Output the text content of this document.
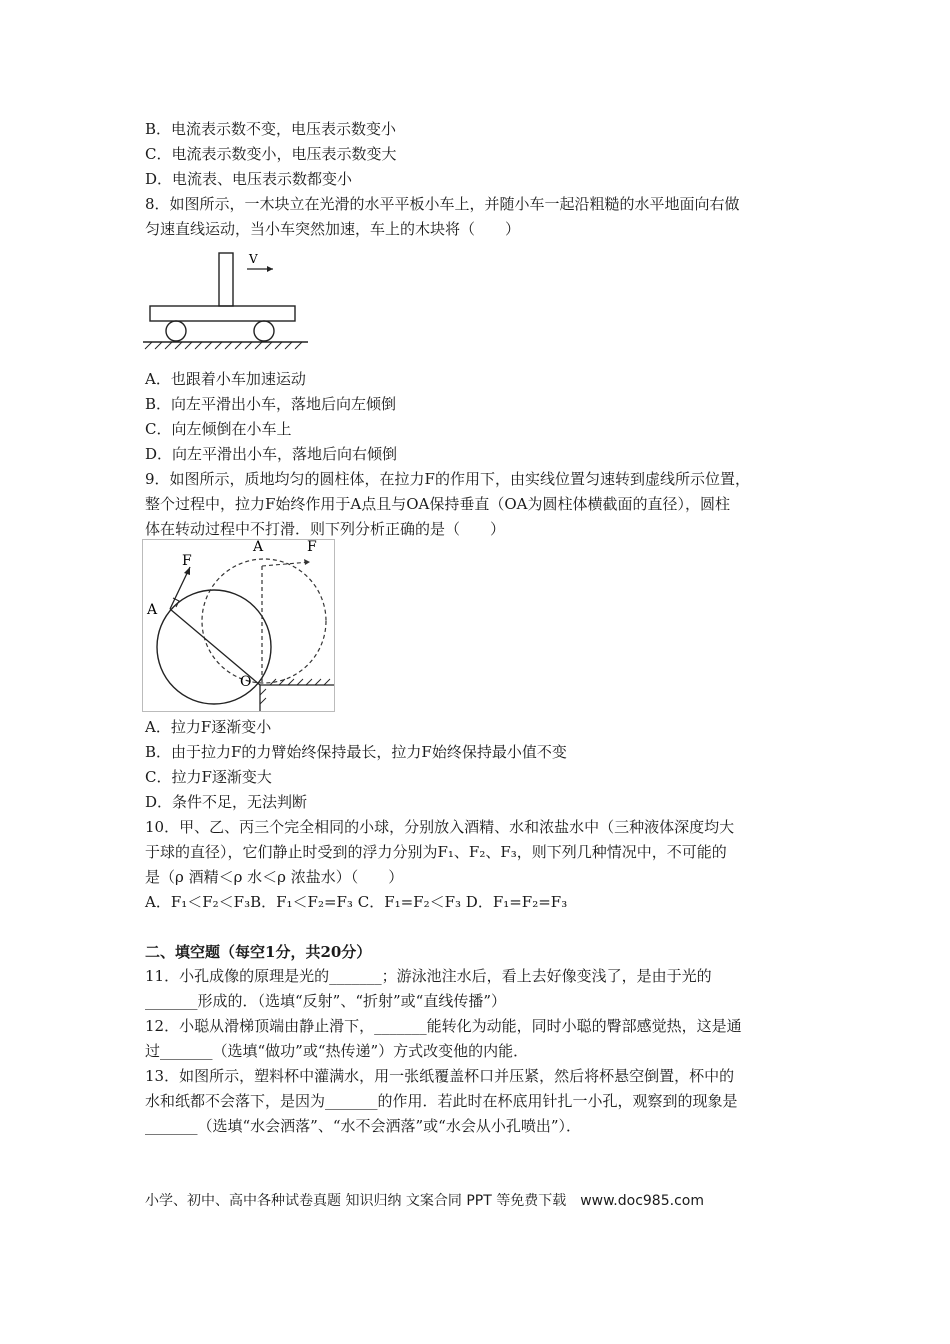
B．电流表示数不变，电压表示数变小
C．电流表示数变小，电压表示数变大
D．电流表、电压表示数都变小
8．如图所示，一木块立在光滑的水平平板小车上，并随小车一起沿粗糙的水平地面向右做
匀速直线运动，当小车突然加速，车上的木块将（　　）
V
A．也跟着小车加速运动
B．向左平滑出小车，落地后向左倾倒
C．向左倾倒在小车上
D．向左平滑出小车，落地后向右倾倒
9．如图所示，质地均匀的圆柱体，在拉力F的作用下，由实线位置匀速转到虚线所示位置，
整个过程中，拉力F始终作用于A点且与OA保持垂直（OA为圆柱体横截面的直径），圆柱
体在转动过程中不打滑．则下列分析正确的是（　　）
A
F
A	F
O
A．拉力F逐渐变小
B．由于拉力F的力臂始终保持最长，拉力F始终保持最小值不变
C．拉力F逐渐变大
D．条件不足，无法判断
10．甲、乙、丙三个完全相同的小球，分别放入酒精、水和浓盐水中（三种液体深度均大
于球的直径），它们静止时受到的浮力分别为F₁、F₂、F₃，则下列几种情况中，不可能的
是（ρ 酒精＜ρ 水＜ρ 浓盐水）（　　）
A．F₁＜F₂＜F₃B．F₁＜F₂=F₃ C．F₁=F₂＜F₃ D．F₁=F₂=F₃
二、填空题（每空1分，共20分）
11．小孔成像的原理是光的_______；游泳池注水后，看上去好像变浅了，是由于光的
_______形成的．（选填“反射”、“折射”或“直线传播”）
12．小聪从滑梯顶端由静止滑下，_______能转化为动能，同时小聪的臀部感觉热，这是通
过_______（选填“做功”或“热传递”）方式改变他的内能．
13．如图所示，塑料杯中灌满水，用一张纸覆盖杯口并压紧，然后将杯悬空倒置，杯中的
水和纸都不会落下，是因为_______的作用．若此时在杯底用针扎一小孔，观察到的现象是
_______（选填“水会洒落”、“水不会洒落”或“水会从小孔喷出”）．
小学、初中、高中各种试卷真题 知识归纳 文案合同 PPT 等免费下载　www.doc985.com
